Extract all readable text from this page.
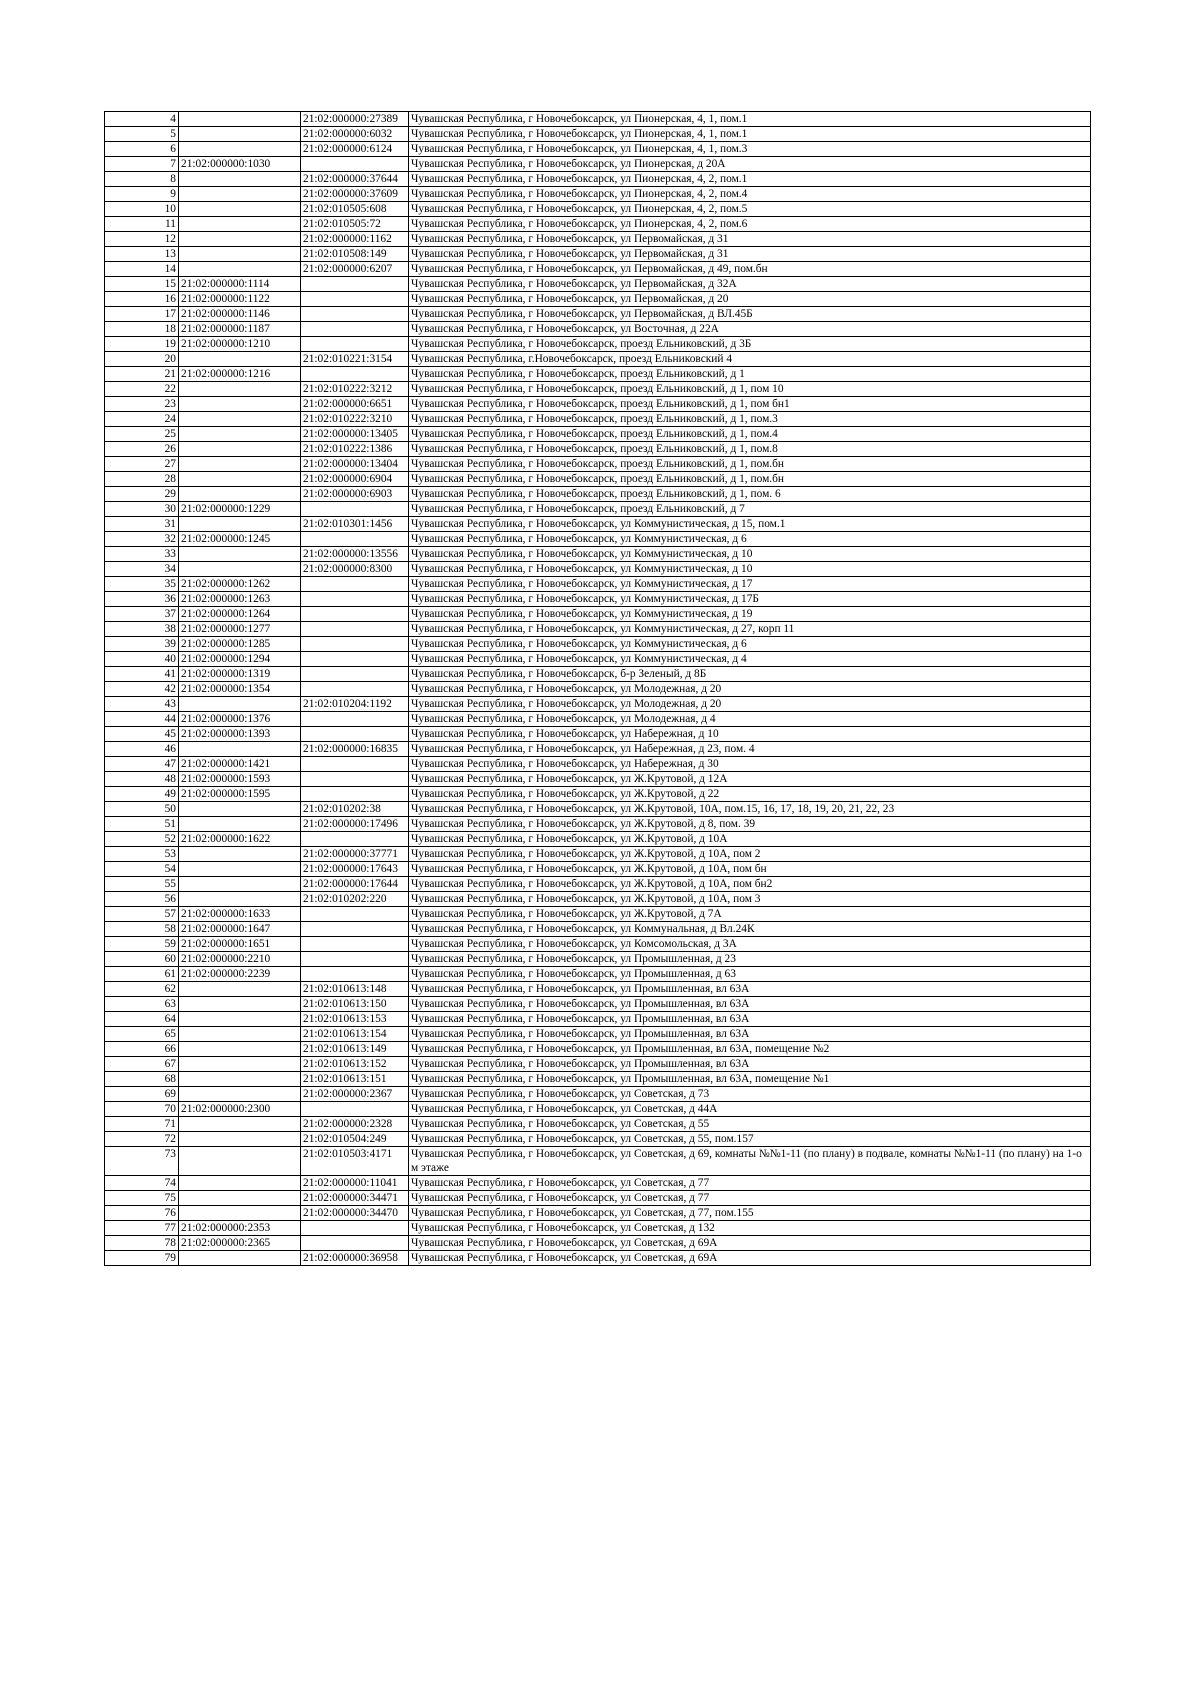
4		21:02:000000:27389	Чувашская Республика, г Новочебоксарск, ул Пионерская, 4, 1, пом.1
5		21:02:000000:6032	Чувашская Республика, г Новочебоксарск, ул Пионерская, 4, 1, пом.1
6		21:02:000000:6124	Чувашская Республика, г Новочебоксарск, ул Пионерская, 4, 1, пом.3
7	21:02:000000:1030		Чувашская Республика, г Новочебоксарск, ул Пионерская, д 20А
8		21:02:000000:37644	Чувашская Республика, г Новочебоксарск, ул Пионерская, 4, 2, пом.1
9		21:02:000000:37609	Чувашская Республика, г Новочебоксарск, ул Пионерская, 4, 2, пом.4
10		21:02:010505:608	Чувашская Республика, г Новочебоксарск, ул Пионерская, 4, 2, пом.5
11		21:02:010505:72	Чувашская Республика, г Новочебоксарск, ул Пионерская, 4, 2, пом.6
12		21:02:000000:1162	Чувашская Республика, г Новочебоксарск, ул Первомайская, д 31
13		21:02:010508:149	Чувашская Республика, г Новочебоксарск, ул Первомайская, д 31
14		21:02:000000:6207	Чувашская Республика, г Новочебоксарск, ул Первомайская, д 49, пом.бн
15	21:02:000000:1114		Чувашская Республика, г Новочебоксарск, ул Первомайская, д 32А
16	21:02:000000:1122		Чувашская Республика, г Новочебоксарск, ул Первомайская, д 20
17	21:02:000000:1146		Чувашская Республика, г Новочебоксарск, ул Первомайская, д ВЛ.45Б
18	21:02:000000:1187		Чувашская Республика, г Новочебоксарск, ул Восточная, д 22А
19	21:02:000000:1210		Чувашская Республика, г Новочебоксарск, проезд Ельниковский, д 3Б
20		21:02:010221:3154	Чувашская Республика, г.Новочебоксарск, проезд Ельниковский 4
21	21:02:000000:1216		Чувашская Республика, г Новочебоксарск, проезд Ельниковский, д 1
22		21:02:010222:3212	Чувашская Республика, г Новочебоксарск, проезд Ельниковский, д 1, пом 10
23		21:02:000000:6651	Чувашская Республика, г Новочебоксарск, проезд Ельниковский, д 1, пом бн1
24		21:02:010222:3210	Чувашская Республика, г Новочебоксарск, проезд Ельниковский, д 1, пом.3
25		21:02:000000:13405	Чувашская Республика, г Новочебоксарск, проезд Ельниковский, д 1, пом.4
26		21:02:010222:1386	Чувашская Республика, г Новочебоксарск, проезд Ельниковский, д 1, пом.8
27		21:02:000000:13404	Чувашская Республика, г Новочебоксарск, проезд Ельниковский, д 1, пом.бн
28		21:02:000000:6904	Чувашская Республика, г Новочебоксарск, проезд Ельниковский, д 1, пом.бн
29		21:02:000000:6903	Чувашская Республика, г Новочебоксарск, проезд Ельниковский, д 1, пом. 6
30	21:02:000000:1229		Чувашская Республика, г Новочебоксарск, проезд Ельниковский, д 7
31		21:02:010301:1456	Чувашская Республика, г Новочебоксарск, ул Коммунистическая, д 15, пом.1
32	21:02:000000:1245		Чувашская Республика, г Новочебоксарск, ул Коммунистическая, д 6
33		21:02:000000:13556	Чувашская Республика, г Новочебоксарск, ул Коммунистическая, д 10
34		21:02:000000:8300	Чувашская Республика, г Новочебоксарск, ул Коммунистическая, д 10
35	21:02:000000:1262		Чувашская Республика, г Новочебоксарск, ул Коммунистическая, д 17
36	21:02:000000:1263		Чувашская Республика, г Новочебоксарск, ул Коммунистическая, д 17Б
37	21:02:000000:1264		Чувашская Республика, г Новочебоксарск, ул Коммунистическая, д 19
38	21:02:000000:1277		Чувашская Республика, г Новочебоксарск, ул Коммунистическая, д 27, корп 11
39	21:02:000000:1285		Чувашская Республика, г Новочебоксарск, ул Коммунистическая, д 6
40	21:02:000000:1294		Чувашская Республика, г Новочебоксарск, ул Коммунистическая, д 4
41	21:02:000000:1319		Чувашская Республика, г Новочебоксарск, б-р Зеленый, д 8Б
42	21:02:000000:1354		Чувашская Республика, г Новочебоксарск, ул Молодежная, д 20
43		21:02:010204:1192	Чувашская Республика, г Новочебоксарск, ул Молодежная, д 20
44	21:02:000000:1376		Чувашская Республика, г Новочебоксарск, ул Молодежная, д 4
45	21:02:000000:1393		Чувашская Республика, г Новочебоксарск, ул Набережная, д 10
46		21:02:000000:16835	Чувашская Республика, г Новочебоксарск, ул Набережная, д 23, пом. 4
47	21:02:000000:1421		Чувашская Республика, г Новочебоксарск, ул Набережная, д 30
48	21:02:000000:1593		Чувашская Республика, г Новочебоксарск, ул Ж.Крутовой, д 12А
49	21:02:000000:1595		Чувашская Республика, г Новочебоксарск, ул Ж.Крутовой, д 22
50		21:02:010202:38	Чувашская Республика, г Новочебоксарск, ул Ж.Крутовой, 10А, пом.15, 16, 17, 18, 19, 20, 21, 22, 23
51		21:02:000000:17496	Чувашская Республика, г Новочебоксарск, ул Ж.Крутовой, д 8, пом. 39
52	21:02:000000:1622		Чувашская Республика, г Новочебоксарск, ул Ж.Крутовой, д 10А
53		21:02:000000:37771	Чувашская Республика, г Новочебоксарск, ул Ж.Крутовой, д 10А, пом 2
54		21:02:000000:17643	Чувашская Республика, г Новочебоксарск, ул Ж.Крутовой, д 10А, пом бн
55		21:02:000000:17644	Чувашская Республика, г Новочебоксарск, ул Ж.Крутовой, д 10А, пом бн2
56		21:02:010202:220	Чувашская Республика, г Новочебоксарск, ул Ж.Крутовой, д 10А, пом 3
57	21:02:000000:1633		Чувашская Республика, г Новочебоксарск, ул Ж.Крутовой, д 7А
58	21:02:000000:1647		Чувашская Республика, г Новочебоксарск, ул Коммунальная, д Вл.24К
59	21:02:000000:1651		Чувашская Республика, г Новочебоксарск, ул Комсомольская, д 3А
60	21:02:000000:2210		Чувашская Республика, г Новочебоксарск, ул Промышленная, д 23
61	21:02:000000:2239		Чувашская Республика, г Новочебоксарск, ул Промышленная, д 63
62		21:02:010613:148	Чувашская Республика, г Новочебоксарск, ул Промышленная, вл 63А
63		21:02:010613:150	Чувашская Республика, г Новочебоксарск, ул Промышленная, вл 63А
64		21:02:010613:153	Чувашская Республика, г Новочебоксарск, ул Промышленная, вл 63А
65		21:02:010613:154	Чувашская Республика, г Новочебоксарск, ул Промышленная, вл 63А
66		21:02:010613:149	Чувашская Республика, г Новочебоксарск, ул Промышленная, вл 63А, помещение №2
67		21:02:010613:152	Чувашская Республика, г Новочебоксарск, ул Промышленная, вл 63А
68		21:02:010613:151	Чувашская Республика, г Новочебоксарск, ул Промышленная, вл 63А, помещение №1
69		21:02:000000:2367	Чувашская Республика, г Новочебоксарск, ул Советская, д 73
70	21:02:000000:2300		Чувашская Республика, г Новочебоксарск, ул Советская, д 44А
71		21:02:000000:2328	Чувашская Республика, г Новочебоксарск, ул Советская, д 55
72		21:02:010504:249	Чувашская Республика, г Новочебоксарск, ул Советская, д 55, пом.157
73		21:02:010503:4171	Чувашская Республика, г Новочебоксарск, ул Советская, д 69, комнаты №№1-11 (по плану) в подвале, комнаты №№1-11 (по плану) на 1-ом этаже
74		21:02:000000:11041	Чувашская Республика, г Новочебоксарск, ул Советская, д 77
75		21:02:000000:34471	Чувашская Республика, г Новочебоксарск, ул Советская, д 77
76		21:02:000000:34470	Чувашская Республика, г Новочебоксарск, ул Советская, д 77, пом.155
77	21:02:000000:2353		Чувашская Республика, г Новочебоксарск, ул Советская, д 132
78	21:02:000000:2365		Чувашская Республика, г Новочебоксарск, ул Советская, д 69А
79		21:02:000000:36958	Чувашская Республика, г Новочебоксарск, ул Советская, д 69А
